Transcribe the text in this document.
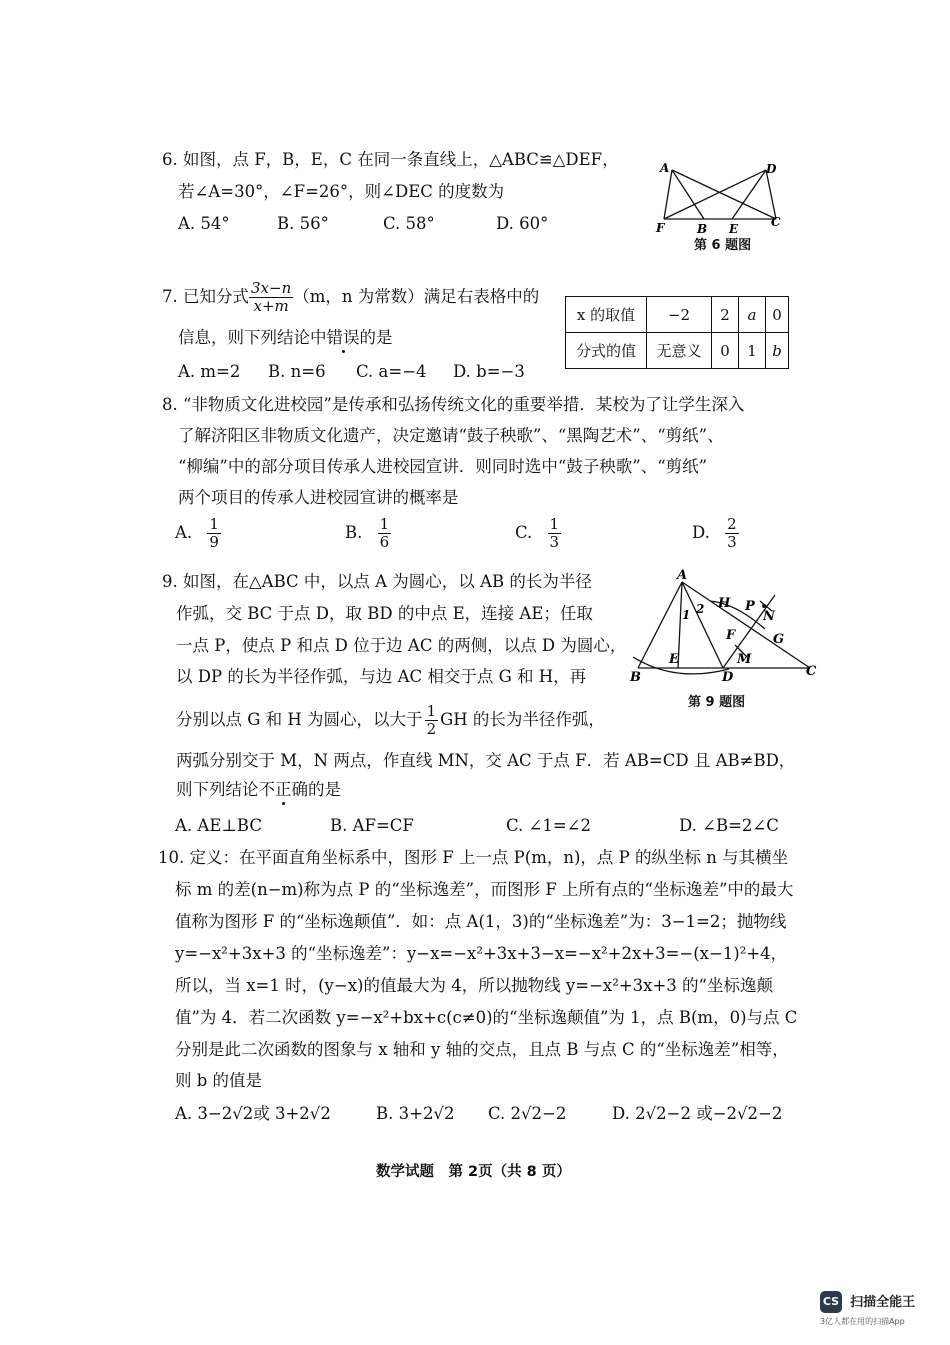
6. 如图，点 F，B，E，C 在同一条直线上，△ABC≌△DEF，
若∠A=30°，∠F=26°，则∠DEC 的度数为
A. 54°	B. 56°	C. 58°	D. 60°
A	D
F	B E	C
第 6 题图
7. 已知分式 $\frac{3x-n}{x+m} (m$，n 为常数）满足右表格中的
信息，则下列结论中错误的是
A. m=2 B. n=6 C. a=−4 D. b=−3
x 的取值	−2	2	a	0
分式的值	无意义	0	1	b
8. “非物质文化进校园”是传承和弘扬传统文化的重要举措．某校为了让学生深入
了解济阳区非物质文化遗产，决定邀请“鼓子秧歌”、“黑陶艺术”、“剪纸”、
“柳编”中的部分项目传承人进校园宣讲．则同时选中“鼓子秧歌”、“剪纸”
两个项目的传承人进校园宣讲的概率是
A. $\frac{1}{9}$	B. $\frac{1}{6}$	C. $\frac{1}{3}$	D. $\frac{2}{3}$
9. 如图，在△ABC 中，以点 A 为圆心，以 AB 的长为半径
作弧，交 BC 于点 D，取 BD 的中点 E，连接 AE；任取
一点 P，使点 P 和点 D 位于边 AC 的两侧，以点 D 为圆心，
以 DP 的长为半径作弧，与边 AC 相交于点 G 和 H，再
分别以点 G 和 H 为圆心，以大于 $\frac{1}{2}$ GH 的长为半径作弧，
两弧分别交于 M，N 两点，作直线 MN，交 AC 于点 F．若 AB=CD 且 AB≠BD，
则下列结论不正确的是
A. AE⊥BC	B. AF=CF	C. ∠1=∠2	D. ∠B=2∠C
A
B	C
D
E
F	G
H
M
N
P
1 2
第 9 题图
10. 定义：在平面直角坐标系中，图形 F 上一点 P(m，n)，点 P 的纵坐标 n 与其横坐
标 m 的差(n−m)称为点 P 的“坐标逸差”，而图形 F 上所有点的“坐标逸差”中的最大
值称为图形 F 的“坐标逸颠值”．如：点 A(1，3)的“坐标逸差”为：3−1=2；抛物线
y=−x²+3x+3 的“坐标逸差”：y−x=−x²+3x+3−x=−x²+2x+3=−(x−1)²+4，
所以，当 x=1 时，(y−x)的值最大为 4，所以抛物线 y=−x²+3x+3 的“坐标逸颠
值”为 4．若二次函数 y=−x²+bx+c(c≠0)的“坐标逸颠值”为 1，点 B(m，0)与点 C
分别是此二次函数的图象与 x 轴和 y 轴的交点，且点 B 与点 C 的“坐标逸差”相等，
则 b 的值是
A. 3−2√2或 3+2√2	B. 3+2√2 C. 2√2−2	D. 2√2−2 或−2√2−2
数学试题　第 2页（共 8 页）
CS 扫描全能王
3亿人都在用的扫描App
